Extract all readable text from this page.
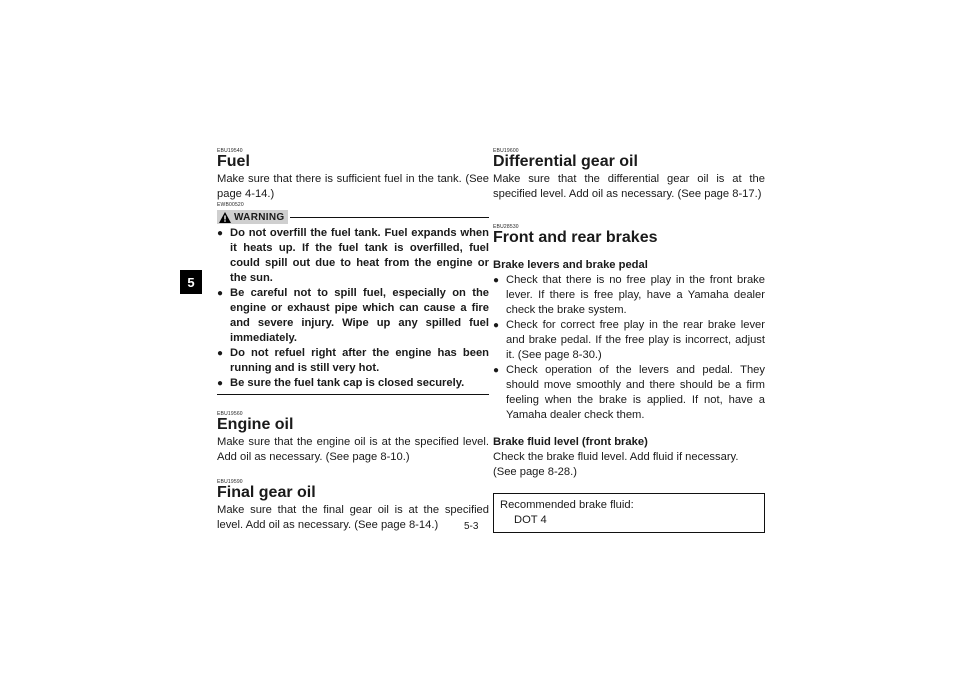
5

EBU19540

Fuel

Make sure that there is sufficient fuel in the tank. (See page 4-14.)

EWB00520

WARNING
● Do not overfill the fuel tank. Fuel expands when it heats up. If the fuel tank is overfilled, fuel could spill out due to heat from the engine or the sun.
● Be careful not to spill fuel, especially on the engine or exhaust pipe which can cause a fire and severe injury. Wipe up any spilled fuel immediately.
● Do not refuel right after the engine has been running and is still very hot.
● Be sure the fuel tank cap is closed securely.

EBU19560

Engine oil

Make sure that the engine oil is at the specified level. Add oil as necessary. (See page 8-10.)

EBU19590

Final gear oil

Make sure that the final gear oil is at the specified level. Add oil as necessary. (See page 8-14.)

EBU19600

Differential gear oil

Make sure that the differential gear oil is at the specified level. Add oil as necessary. (See page 8-17.)

EBU28530

Front and rear brakes

Brake levers and brake pedal

● Check that there is no free play in the front brake lever. If there is free play, have a Yamaha dealer check the brake system.
● Check for correct free play in the rear brake lever and brake pedal. If the free play is incorrect, adjust it. (See page 8-30.)
● Check operation of the levers and pedal. They should move smoothly and there should be a firm feeling when the brake is applied. If not, have a Yamaha dealer check them.

Brake fluid level (front brake)

Check the brake fluid level. Add fluid if necessary. (See page 8-28.)

Recommended brake fluid:
DOT 4
5-3
